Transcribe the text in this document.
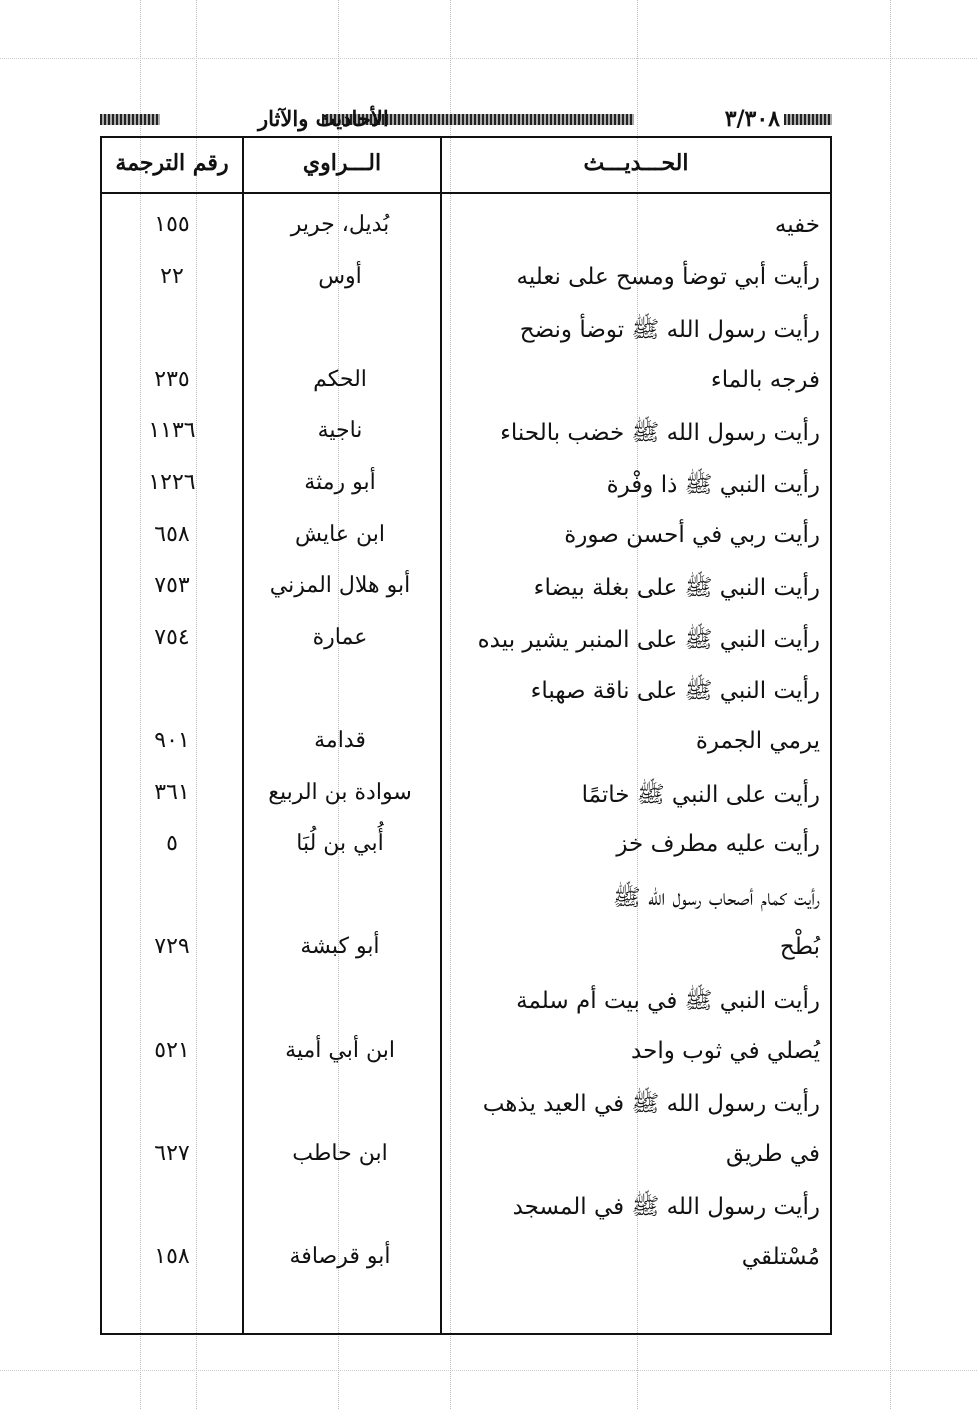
٣/٣٠٨
الأحاديث والآثار
الحـــديـــث
الـــراوي
رقم الترجمة
خفيه
بُديل، جرير
١٥٥
رأيت أبي توضأ ومسح على نعليه
أوس
٢٢
رأيت رسول الله ﷺ توضأ ونضح
فرجه بالماء
الحكم
٢٣٥
رأيت رسول الله ﷺ خضب بالحناء
ناجية
١١٣٦
رأيت النبي ﷺ ذا وفْرة
أبو رمثة
١٢٢٦
رأيت ربي في أحسن صورة
ابن عايش
٦٥٨
رأيت النبي ﷺ على بغلة بيضاء
أبو هلال المزني
٧٥٣
رأيت النبي ﷺ على المنبر يشير بيده
عمارة
٧٥٤
رأيت النبي ﷺ على ناقة صهباء
يرمي الجمرة
قدامة
٩٠١
رأيت على النبي ﷺ خاتمًا
سوادة بن الربيع
٣٦١
رأيت عليه مطرف خز
أُبي بن لُبَا
٥
رأيت كمام أصحاب رسول الله ﷺ
بُطْح
أبو كبشة
٧٢٩
رأيت النبي ﷺ في بيت أم سلمة
يُصلي في ثوب واحد
ابن أبي أمية
٥٢١
رأيت رسول الله ﷺ في العيد يذهب
في طريق
ابن حاطب
٦٢٧
رأيت رسول الله ﷺ في المسجد
مُسْتلقي
أبو قرصافة
١٥٨
